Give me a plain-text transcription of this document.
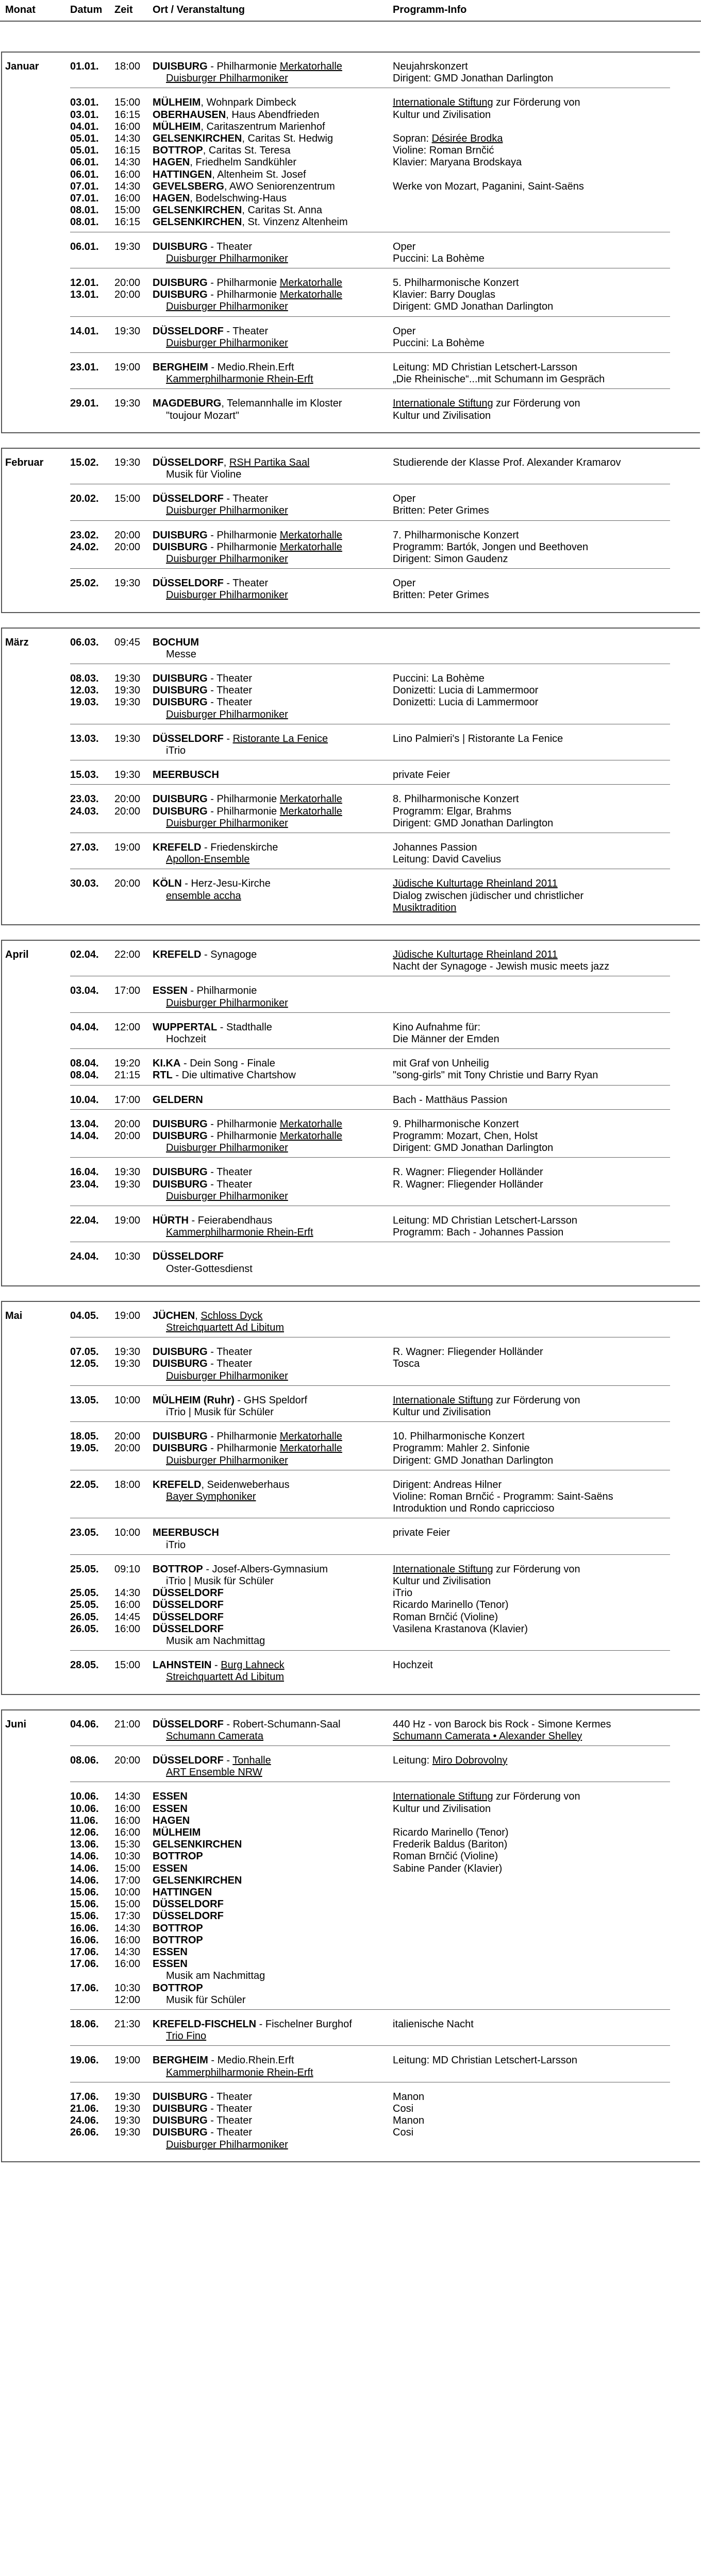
Monat	Datum Zeit Ort / Veranstaltung	Programm-Info
Januar	01.01. 18:00 DUISBURG - Philharmonie Merkatorhalle	Neujahrskonzert
Duisburger Philharmoniker	Dirigent: GMD Jonathan Darlington
03.01. 15:00 MÜLHEIM, Wohnpark Dimbeck	Internationale Stiftung zur Förderung von
03.01. 16:15 OBERHAUSEN, Haus Abendfrieden	Kultur und Zivilisation
04.01. 16:00 MÜLHEIM, Caritaszentrum Marienhof
05.01. 14:30 GELSENKIRCHEN, Caritas St. Hedwig	Sopran: Désirée Brodka
05.01. 16:15 BOTTROP, Caritas St. Teresa	Violine: Roman Brnčić
06.01. 14:30 HAGEN, Friedhelm Sandkühler	Klavier: Maryana Brodskaya
06.01. 16:00 HATTINGEN, Altenheim St. Josef
07.01. 14:30 GEVELSBERG, AWO Seniorenzentrum	Werke von Mozart, Paganini, Saint-Saëns
07.01. 16:00 HAGEN, Bodelschwing-Haus
08.01. 15:00 GELSENKIRCHEN, Caritas St. Anna
08.01. 16:15 GELSENKIRCHEN, St. Vinzenz Altenheim
06.01. 19:30 DUISBURG - Theater	Oper
Duisburger Philharmoniker	Puccini: La Bohème
12.01. 20:00 DUISBURG - Philharmonie Merkatorhalle	5. Philharmonische Konzert
13.01. 20:00 DUISBURG - Philharmonie Merkatorhalle	Klavier: Barry Douglas
Duisburger Philharmoniker	Dirigent: GMD Jonathan Darlington
14.01. 19:30 DÜSSELDORF - Theater	Oper
Duisburger Philharmoniker	Puccini: La Bohème
23.01. 19:00 BERGHEIM - Medio.Rhein.Erft	Leitung: MD Christian Letschert-Larsson
Kammerphilharmonie Rhein-Erft	„Die Rheinische“...mit Schumann im Gespräch
29.01. 19:30 MAGDEBURG, Telemannhalle im Kloster	Internationale Stiftung zur Förderung von
"toujour Mozart"	Kultur und Zivilisation
Februar	15.02. 19:30 DÜSSELDORF, RSH Partika Saal	Studierende der Klasse Prof. Alexander Kramarov
Musik für Violine
20.02. 15:00 DÜSSELDORF - Theater	Oper
Duisburger Philharmoniker	Britten: Peter Grimes
23.02. 20:00 DUISBURG - Philharmonie Merkatorhalle	7. Philharmonische Konzert
24.02. 20:00 DUISBURG - Philharmonie Merkatorhalle	Programm: Bartók, Jongen und Beethoven
Duisburger Philharmoniker	Dirigent: Simon Gaudenz
25.02. 19:30 DÜSSELDORF - Theater	Oper
Duisburger Philharmoniker	Britten: Peter Grimes
März	06.03. 09:45 BOCHUM
Messe
08.03. 19:30 DUISBURG - Theater	Puccini: La Bohème
12.03. 19:30 DUISBURG - Theater	Donizetti: Lucia di Lammermoor
19.03. 19:30 DUISBURG - Theater	Donizetti: Lucia di Lammermoor
Duisburger Philharmoniker
13.03. 19:30 DÜSSELDORF - Ristorante La Fenice	Lino Palmieri's | Ristorante La Fenice
iTrio
15.03. 19:30 MEERBUSCH	private Feier
23.03. 20:00 DUISBURG - Philharmonie Merkatorhalle	8. Philharmonische Konzert
24.03. 20:00 DUISBURG - Philharmonie Merkatorhalle	Programm: Elgar, Brahms
Duisburger Philharmoniker	Dirigent: GMD Jonathan Darlington
27.03. 19:00 KREFELD - Friedenskirche	Johannes Passion
Apollon-Ensemble	Leitung: David Cavelius
30.03. 20:00 KÖLN - Herz-Jesu-Kirche	Jüdische Kulturtage Rheinland 2011
ensemble accha	Dialog zwischen jüdischer und christlicher
Musiktradition
April	02.04. 22:00 KREFELD - Synagoge	Jüdische Kulturtage Rheinland 2011
Nacht der Synagoge - Jewish music meets jazz
03.04. 17:00 ESSEN - Philharmonie
Duisburger Philharmoniker
04.04. 12:00 WUPPERTAL - Stadthalle	Kino Aufnahme für:
Hochzeit	Die Männer der Emden
08.04. 19:20 KI.KA - Dein Song - Finale	mit Graf von Unheilig
08.04. 21:15 RTL - Die ultimative Chartshow	"song-girls" mit Tony Christie und Barry Ryan
10.04. 17:00 GELDERN	Bach - Matthäus Passion
13.04. 20:00 DUISBURG - Philharmonie Merkatorhalle	9. Philharmonische Konzert
14.04. 20:00 DUISBURG - Philharmonie Merkatorhalle	Programm: Mozart, Chen, Holst
Duisburger Philharmoniker	Dirigent: GMD Jonathan Darlington
16.04. 19:30 DUISBURG - Theater	R. Wagner: Fliegender Holländer
23.04. 19:30 DUISBURG - Theater	R. Wagner: Fliegender Holländer
Duisburger Philharmoniker
22.04. 19:00 HÜRTH - Feierabendhaus	Leitung: MD Christian Letschert-Larsson
Kammerphilharmonie Rhein-Erft	Programm: Bach - Johannes Passion
24.04. 10:30 DÜSSELDORF
Oster-Gottesdienst
Mai	04.05. 19:00 JÜCHEN, Schloss Dyck
Streichquartett Ad Libitum
07.05. 19:30 DUISBURG - Theater	R. Wagner: Fliegender Holländer
12.05. 19:30 DUISBURG - Theater	Tosca
Duisburger Philharmoniker
13.05. 10:00 MÜLHEIM (Ruhr) - GHS Speldorf	Internationale Stiftung zur Förderung von
iTrio | Musik für Schüler	Kultur und Zivilisation
18.05. 20:00 DUISBURG - Philharmonie Merkatorhalle	10. Philharmonische Konzert
19.05. 20:00 DUISBURG - Philharmonie Merkatorhalle	Programm: Mahler 2. Sinfonie
Duisburger Philharmoniker	Dirigent: GMD Jonathan Darlington
22.05. 18:00 KREFELD, Seidenweberhaus	Dirigent: Andreas Hilner
Bayer Symphoniker	Violine: Roman Brnčić - Programm: Saint-Saëns
Introduktion und Rondo capriccioso
23.05. 10:00 MEERBUSCH	private Feier
iTrio
25.05. 09:10 BOTTROP - Josef-Albers-Gymnasium	Internationale Stiftung zur Förderung von
iTrio | Musik für Schüler	Kultur und Zivilisation
25.05. 14:30 DÜSSELDORF	iTrio
25.05. 16:00 DÜSSELDORF	Ricardo Marinello (Tenor)
26.05. 14:45 DÜSSELDORF	Roman Brnčić (Violine)
26.05. 16:00 DÜSSELDORF	Vasilena Krastanova (Klavier)
Musik am Nachmittag
28.05. 15:00 LAHNSTEIN - Burg Lahneck	Hochzeit
Streichquartett Ad Libitum
Juni	04.06. 21:00 DÜSSELDORF - Robert-Schumann-Saal	440 Hz - von Barock bis Rock - Simone Kermes
Schumann Camerata	Schumann Camerata • Alexander Shelley
08.06. 20:00 DÜSSELDORF - Tonhalle	Leitung: Miro Dobrovolny
ART Ensemble NRW
10.06. 14:30 ESSEN	Internationale Stiftung zur Förderung von
10.06. 16:00 ESSEN	Kultur und Zivilisation
11.06. 16:00 HAGEN
12.06. 16:00 MÜLHEIM	Ricardo Marinello (Tenor)
13.06. 15:30 GELSENKIRCHEN	Frederik Baldus (Bariton)
14.06. 10:30 BOTTROP	Roman Brnčić (Violine)
14.06. 15:00 ESSEN	Sabine Pander (Klavier)
14.06. 17:00 GELSENKIRCHEN
15.06. 10:00 HATTINGEN
15.06. 15:00 DÜSSELDORF
15.06. 17:30 DÜSSELDORF
16.06. 14:30 BOTTROP
16.06. 16:00 BOTTROP
17.06. 14:30 ESSEN
17.06. 16:00 ESSEN
Musik am Nachmittag
17.06. 10:30 BOTTROP
12:00 Musik für Schüler
18.06. 21:30 KREFELD-FISCHELN - Fischelner Burghof	italienische Nacht
Trio Fino
19.06. 19:00 BERGHEIM - Medio.Rhein.Erft	Leitung: MD Christian Letschert-Larsson
Kammerphilharmonie Rhein-Erft
17.06. 19:30 DUISBURG - Theater	Manon
21.06. 19:30 DUISBURG - Theater	Cosi
24.06. 19:30 DUISBURG - Theater	Manon
26.06. 19:30 DUISBURG - Theater	Cosi
Duisburger Philharmoniker
